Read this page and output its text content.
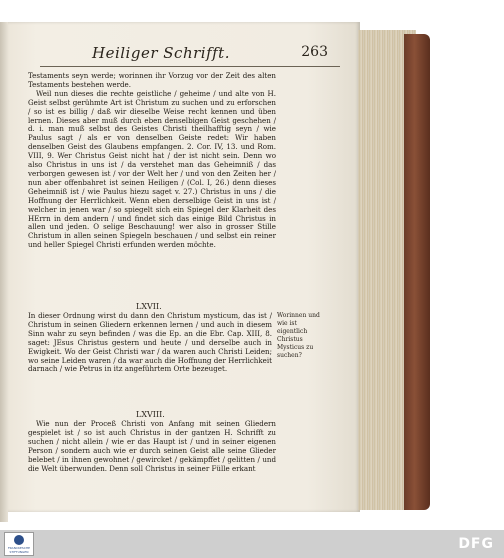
Heiliger Schrifft.	263

Testaments seyn werde; worinnen ihr Vorzug vor der Zeit des alten Testaments bestehen werde.

Weil nun dieses die rechte geistliche / geheime / und alte von H. Geist selbst gerühmte Art ist Christum zu suchen und zu erforschen / so ist es billig / daß wir dieselbe Weise recht kennen und üben lernen. Dieses aber muß durch eben denselbigen Geist geschehen / d. i. man muß selbst des Geistes Christi theilhafftig seyn / wie Paulus sagt / als er von denselben Geiste redet: Wir haben denselben Geist des Glaubens empfangen. 2. Cor. IV, 13. und Rom. VIII, 9. Wer Christus Geist nicht hat / der ist nicht sein. Denn wo also Christus in uns ist / da verstehet man das Geheimniß / das verborgen gewesen ist / vor der Welt her / und von den Zeiten her / nun aber offenbahret ist seinen Heiligen / (Col. I, 26.) denn dieses Geheimniß ist / wie Paulus hiezu saget v. 27.) Christus in uns / die Hoffnung der Herrlichkeit. Wenn eben derselbige Geist in uns ist / welcher in jenen war / so spiegelt sich ein Spiegel der Klarheit des HErrn in dem andern / und findet sich das einige Bild Christus in allen und jeden. O selige Beschauung! wer also in grosser Stille Christum in allen seinen Spiegeln beschauen / und selbst ein reiner und heller Spiegel Christi erfunden werden möchte.

LXVII.

In dieser Ordnung wirst du dann den Christum mysticum, das ist / Christum in seinen Gliedern erkennen lernen / und auch in diesem Sinn wahr zu seyn befinden / was die Ep. an die Ebr. Cap. XIII, 8. saget: JEsus Christus gestern und heute / und derselbe auch in Ewigkeit. Wo der Geist Christi war / da waren auch Christi Leiden; wo seine Leiden waren / da war auch die Hoffnung der Herrlichkeit darnach / wie Petrus in itz angeführtem Orte bezeuget.

Worinnen und wie ist eigentlich Christus Mysticus zu suchen?
LXVIII.

Wie nun der Proceß Christi von Anfang mit seinen Gliedern gespielet ist / so ist auch Christus in der gantzen H. Schrifft zu suchen / nicht allein / wie er das Haupt ist / und in seiner eigenen Person / sondern auch wie er durch seinen Geist alle seine Glieder belebet / in ihnen gewohnet / gewircket / gekämpffet / gelitten / und die Welt überwunden. Denn soll Christus in seiner Fülle erkant

FRANCKESCHE STIFTUNGEN	DFG
